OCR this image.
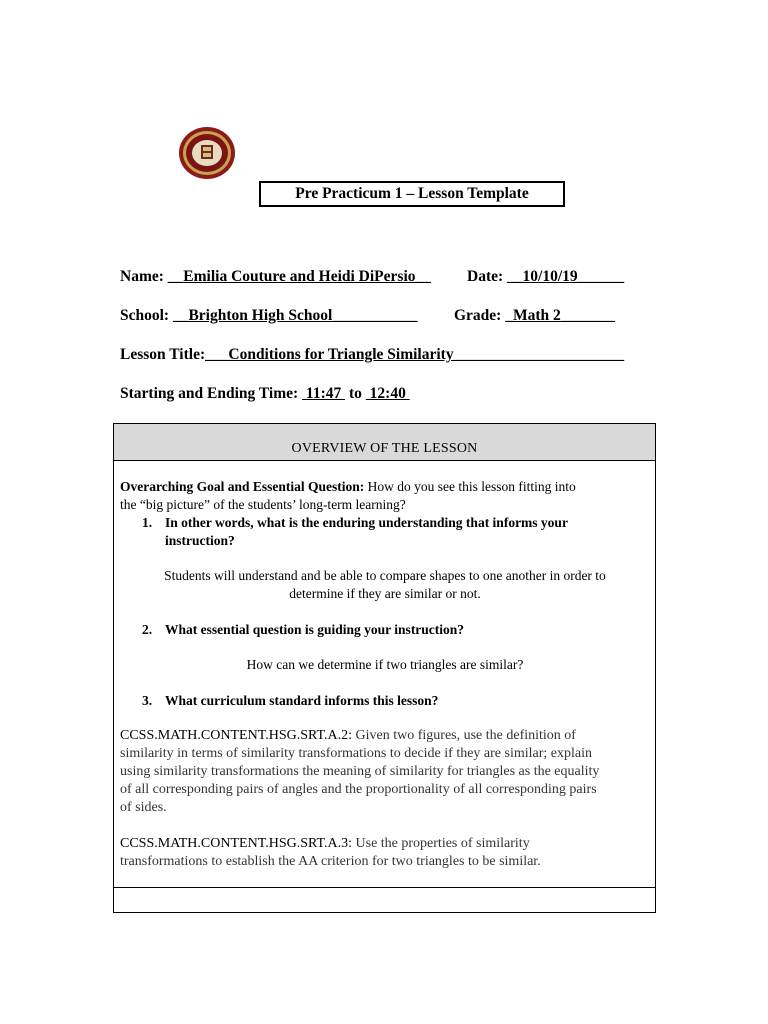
Pre Practicum 1 – Lesson Template
Name: __Emilia Couture and Heidi DiPersio__ Date: __10/10/19______
School: __Brighton High School___________ Grade: _Math 2_______
Lesson Title:___Conditions for Triangle Similarity______________________
Starting and Ending Time:  11:47  to  12:40
OVERVIEW OF THE LESSON
Overarching Goal and Essential Question: How do you see this lesson fitting into
the “big picture” of the students’ long-term learning?
1. In other words, what is the enduring understanding that informs your
instruction?
Students will understand and be able to compare shapes to one another in order to
determine if they are similar or not.
2. What essential question is guiding your instruction?
How can we determine if two triangles are similar?
3. What curriculum standard informs this lesson?
CCSS.MATH.CONTENT.HSG.SRT.A.2: Given two figures, use the definition of
similarity in terms of similarity transformations to decide if they are similar; explain
using similarity transformations the meaning of similarity for triangles as the equality
of all corresponding pairs of angles and the proportionality of all corresponding pairs
of sides.
CCSS.MATH.CONTENT.HSG.SRT.A.3: Use the properties of similarity
transformations to establish the AA criterion for two triangles to be similar.
